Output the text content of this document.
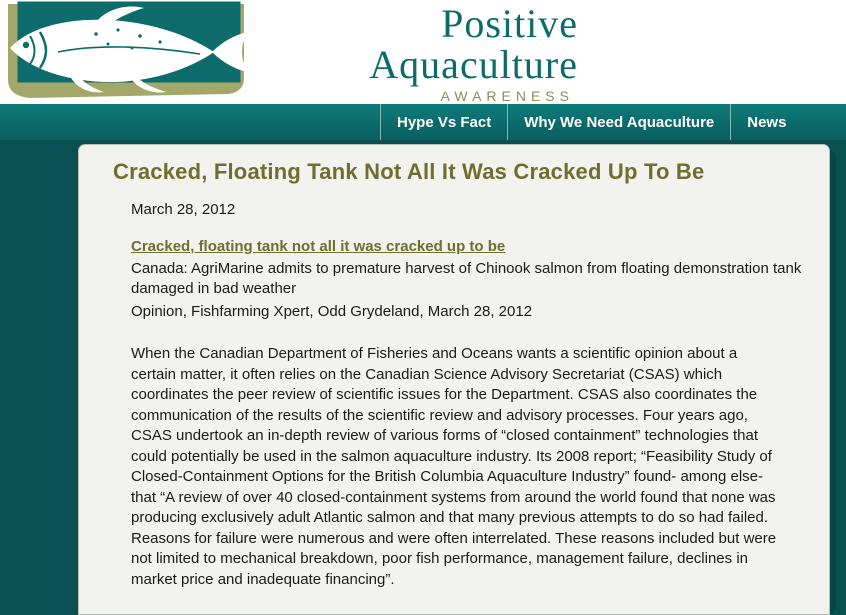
Positive
Aquaculture
AWARENESS
Hype Vs Fact Why We Need Aquaculture News
Cracked, Floating Tank Not All It Was Cracked Up To Be
March 28, 2012
Cracked, floating tank not all it was cracked up to be
Canada: AgriMarine admits to premature harvest of Chinook salmon from floating demonstration tank damaged in bad weather
Opinion, Fishfarming Xpert, Odd Grydeland, March 28, 2012

When the Canadian Department of Fisheries and Oceans wants a scientific opinion about a certain matter, it often relies on the Canadian Science Advisory Secretariat (CSAS) which coordinates the peer review of scientific issues for the Department. CSAS also coordinates the communication of the results of the scientific review and advisory processes. Four years ago, CSAS undertook an in-depth review of various forms of “closed containment” technologies that could potentially be used in the salmon aquaculture industry. Its 2008 report; “Feasibility Study of Closed-Containment Options for the British Columbia Aquaculture Industry” found- among else- that “A review of over 40 closed-containment systems from around the world found that none was producing exclusively adult Atlantic salmon and that many previous attempts to do so had failed. Reasons for failure were numerous and were often interrelated. These reasons included but were not limited to mechanical breakdown, poor fish performance, management failure, declines in market price and inadequate financing”.
